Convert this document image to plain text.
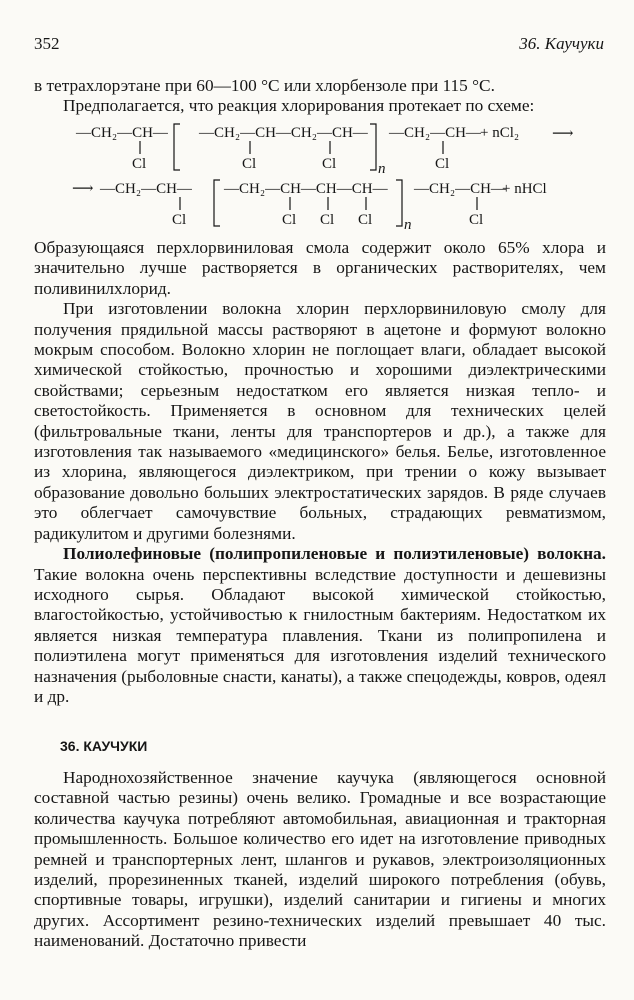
352	36. Каучуки

в тетрахлорэтане при 60—100 °С или хлорбензоле при 115 °С.

Предполагается, что реакция хлорирования протекает по схеме:

—CH₂—CH— —CH₂—CH—CH₂—CH— —CH₂—CH— + nCl₂ ⟶
Cl	Cl	Cl	Cl
n
⟶ —CH₂—CH— —CH₂—CH—CH—CH— —CH₂—CH—
+ nHCl
Cl	Cl Cl Cl	Cl
n

Образующаяся перхлорвиниловая смола содержит около 65% хлора и значительно лучше растворяется в органических растворителях, чем поливинилхлорид.

При изготовлении волокна хлорин перхлорвиниловую смолу для получения прядильной массы растворяют в ацетоне и формуют волокно мокрым способом. Волокно хлорин не поглощает влаги, обладает высокой химической стойкостью, прочностью и хорошими диэлектрическими свойствами; серьезным недостатком его является низкая тепло- и светостойкость. Применяется в основном для технических целей (фильтровальные ткани, ленты для транспортеров и др.), а также для изготовления так называемого «медицинского» белья. Белье, изготовленное из хлорина, являющегося диэлектриком, при трении о кожу вызывает образование довольно больших электростатических зарядов. В ряде случаев это облегчает самочувствие больных, страдающих ревматизмом, радикулитом и другими болезнями.

Полиолефиновые (полипропиленовые и полиэтиленовые) волокна. Такие волокна очень перспективны вследствие доступности и дешевизны исходного сырья. Обладают высокой химической стойкостью, влагостойкостью, устойчивостью к гнилостным бактериям. Недостатком их является низкая температура плавления. Ткани из полипропилена и полиэтилена могут применяться для изготовления изделий технического назначения (рыболовные снасти, канаты), а также спецодежды, ковров, одеял и др.

36. КАУЧУКИ

Народнохозяйственное значение каучука (являющегося основной составной частью резины) очень велико. Громадные и все возрастающие количества каучука потребляют автомобильная, авиационная и тракторная промышленность. Большое количество его идет на изготовление приводных ремней и транспортерных лент, шлангов и рукавов, электроизоляционных изделий, прорезиненных тканей, изделий широкого потребления (обувь, спортивные товары, игрушки), изделий санитарии и гигиены и многих других. Ассортимент резино-технических изделий превышает 40 тыс. наименований. Достаточно привести
